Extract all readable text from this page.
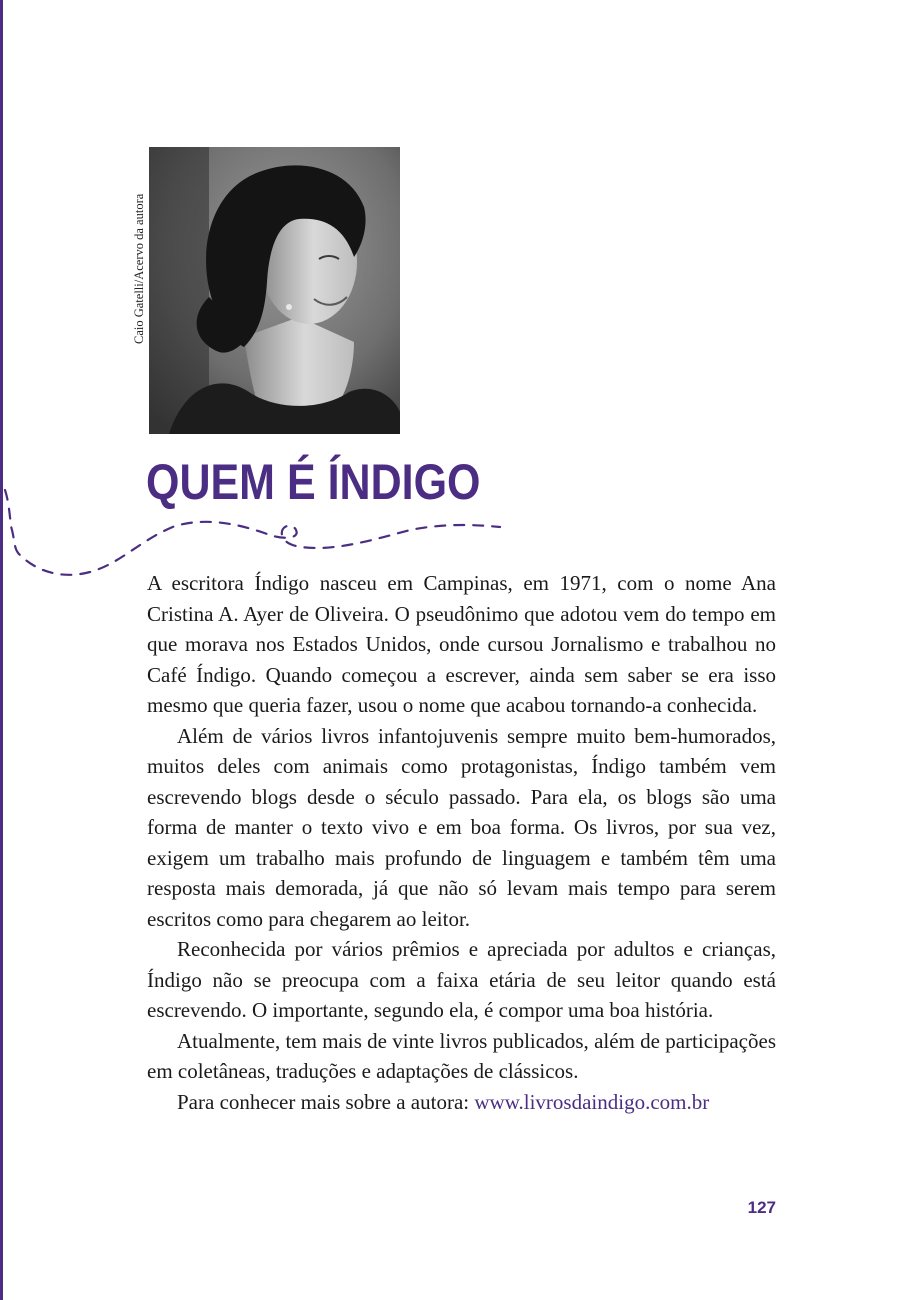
Caio Gatelli/Acervo da autora
QUEM É ÍNDIGO

A escritora Índigo nasceu em Campinas, em 1971, com o nome Ana Cristina A. Ayer de Oliveira. O pseudônimo que adotou vem do tempo em que morava nos Estados Unidos, onde cursou Jornalismo e trabalhou no Café Índigo. Quando começou a escrever, ainda sem saber se era isso mesmo que queria fazer, usou o nome que acabou tornando-a conhecida.

Além de vários livros infantojuvenis sempre muito bem-humorados, muitos deles com animais como protagonistas, Índigo também vem escrevendo blogs desde o século passado. Para ela, os blogs são uma forma de manter o texto vivo e em boa forma. Os livros, por sua vez, exigem um trabalho mais profundo de linguagem e também têm uma resposta mais demorada, já que não só levam mais tempo para serem escritos como para chegarem ao leitor.

Reconhecida por vários prêmios e apreciada por adultos e crianças, Índigo não se preocupa com a faixa etária de seu leitor quando está escrevendo. O importante, segundo ela, é compor uma boa história.

Atualmente, tem mais de vinte livros publicados, além de participações em coletâneas, traduções e adaptações de clássicos.

Para conhecer mais sobre a autora: www.livrosdaindigo.com.br

127
